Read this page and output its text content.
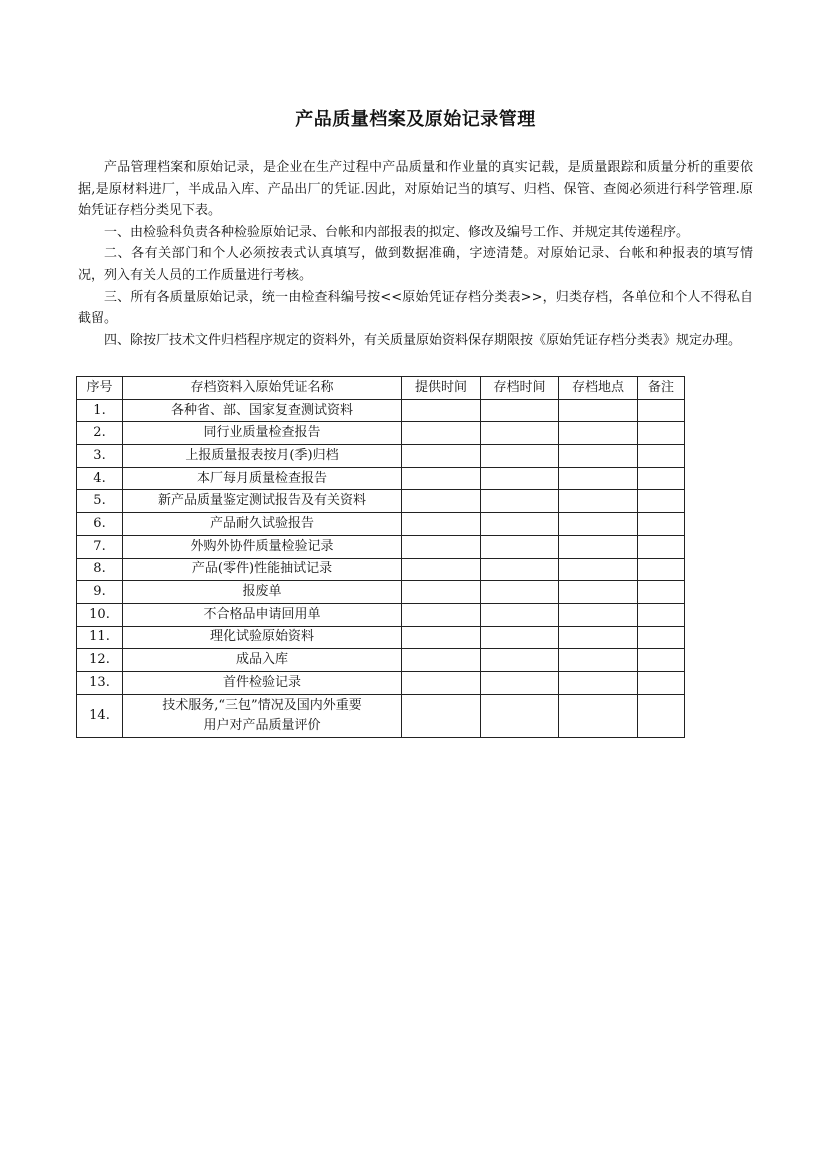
产品质量档案及原始记录管理

产品管理档案和原始记录，是企业在生产过程中产品质量和作业量的真实记载，是质量跟踪和质量分析的重要依据,是原材料进厂，半成品入库、产品出厂的凭证.因此，对原始记当的填写、归档、保管、查阅必须进行科学管理.原始凭证存档分类见下表。

一、由检验科负责各种检验原始记录、台帐和内部报表的拟定、修改及编号工作、并规定其传递程序。

二、各有关部门和个人必须按表式认真填写，做到数据准确，字迹清楚。对原始记录、台帐和种报表的填写情况，列入有关人员的工作质量进行考核。

三、所有各质量原始记录，统一由检查科编号按<<原始凭证存档分类表>>，归类存档，各单位和个人不得私自截留。

四、除按厂技术文件归档程序规定的资料外，有关质量原始资料保存期限按《原始凭证存档分类表》规定办理。

序号	存档资料入原始凭证名称	提供时间	存档时间	存档地点	备注
1.	各种省、部、国家复查测试资料				
2.	同行业质量检查报告				
3.	上报质量报表按月(季)归档				
4.	本厂每月质量检查报告				
5.	新产品质量鉴定测试报告及有关资料				
6.	产品耐久试验报告				
7.	外购外协件质量检验记录				
8.	产品(零件)性能抽试记录				
9.	报废单				
10.	不合格品申请回用单				
11.	理化试验原始资料				
12.	成品入库				
13.	首件检验记录				
14.	技术服务,“三包”情况及国内外重要
用户对产品质量评价				
